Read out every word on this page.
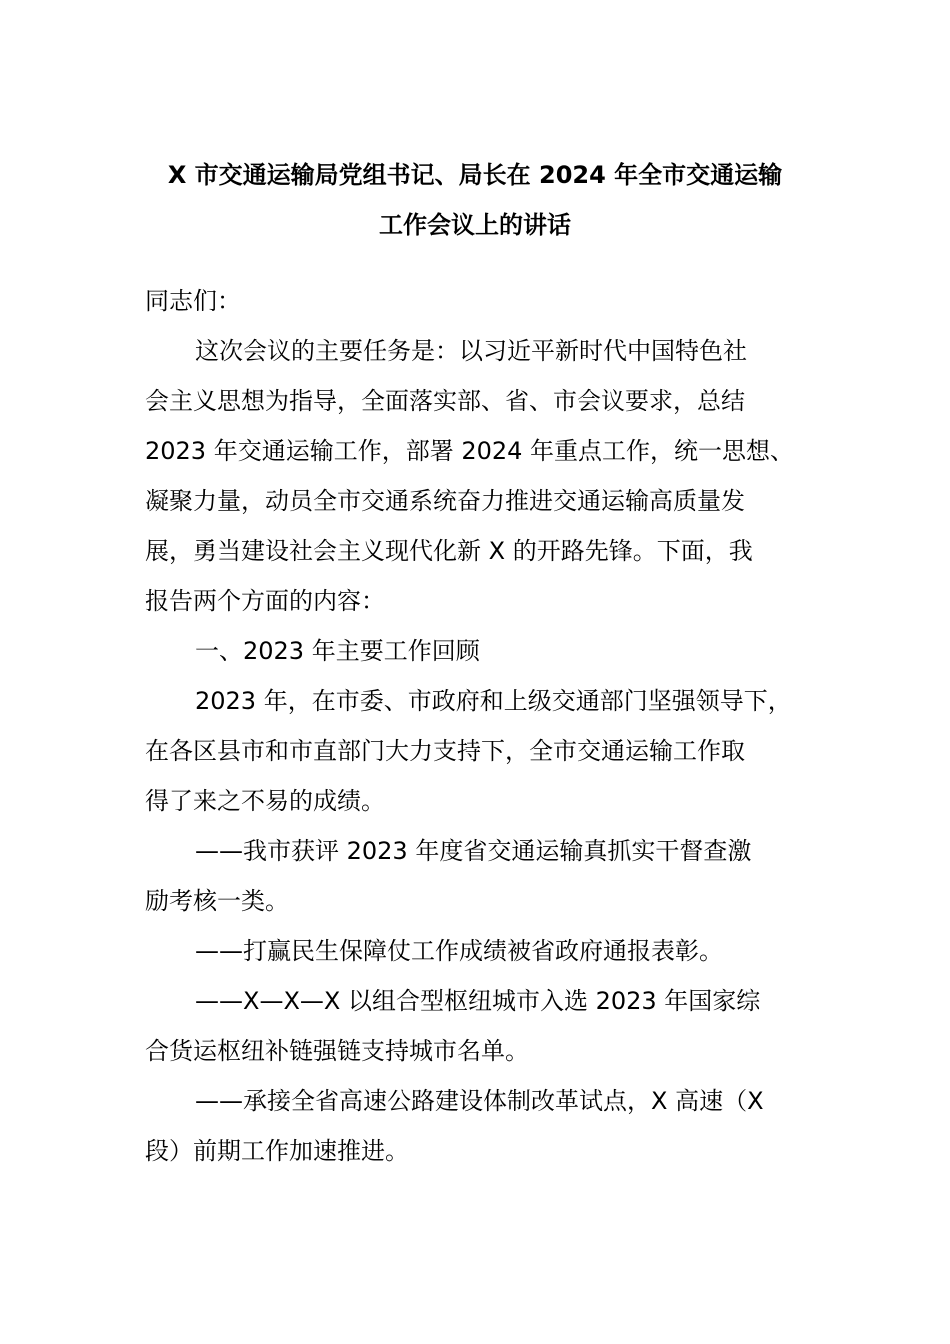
X 市交通运输局党组书记、局长在 2024 年全市交通运输
工作会议上的讲话
同志们：
这次会议的主要任务是：以习近平新时代中国特色社
会主义思想为指导，全面落实部、省、市会议要求，总结
2023 年交通运输工作，部署 2024 年重点工作，统一思想、
凝聚力量，动员全市交通系统奋力推进交通运输高质量发
展，勇当建设社会主义现代化新 X 的开路先锋。下面，我
报告两个方面的内容：
一、2023 年主要工作回顾
2023 年，在市委、市政府和上级交通部门坚强领导下，
在各区县市和市直部门大力支持下，全市交通运输工作取
得了来之不易的成绩。
——我市获评 2023 年度省交通运输真抓实干督查激
励考核一类。
——打赢民生保障仗工作成绩被省政府通报表彰。
——X—X—X 以组合型枢纽城市入选 2023 年国家综
合货运枢纽补链强链支持城市名单。
——承接全省高速公路建设体制改革试点，X 高速（X
段）前期工作加速推进。
